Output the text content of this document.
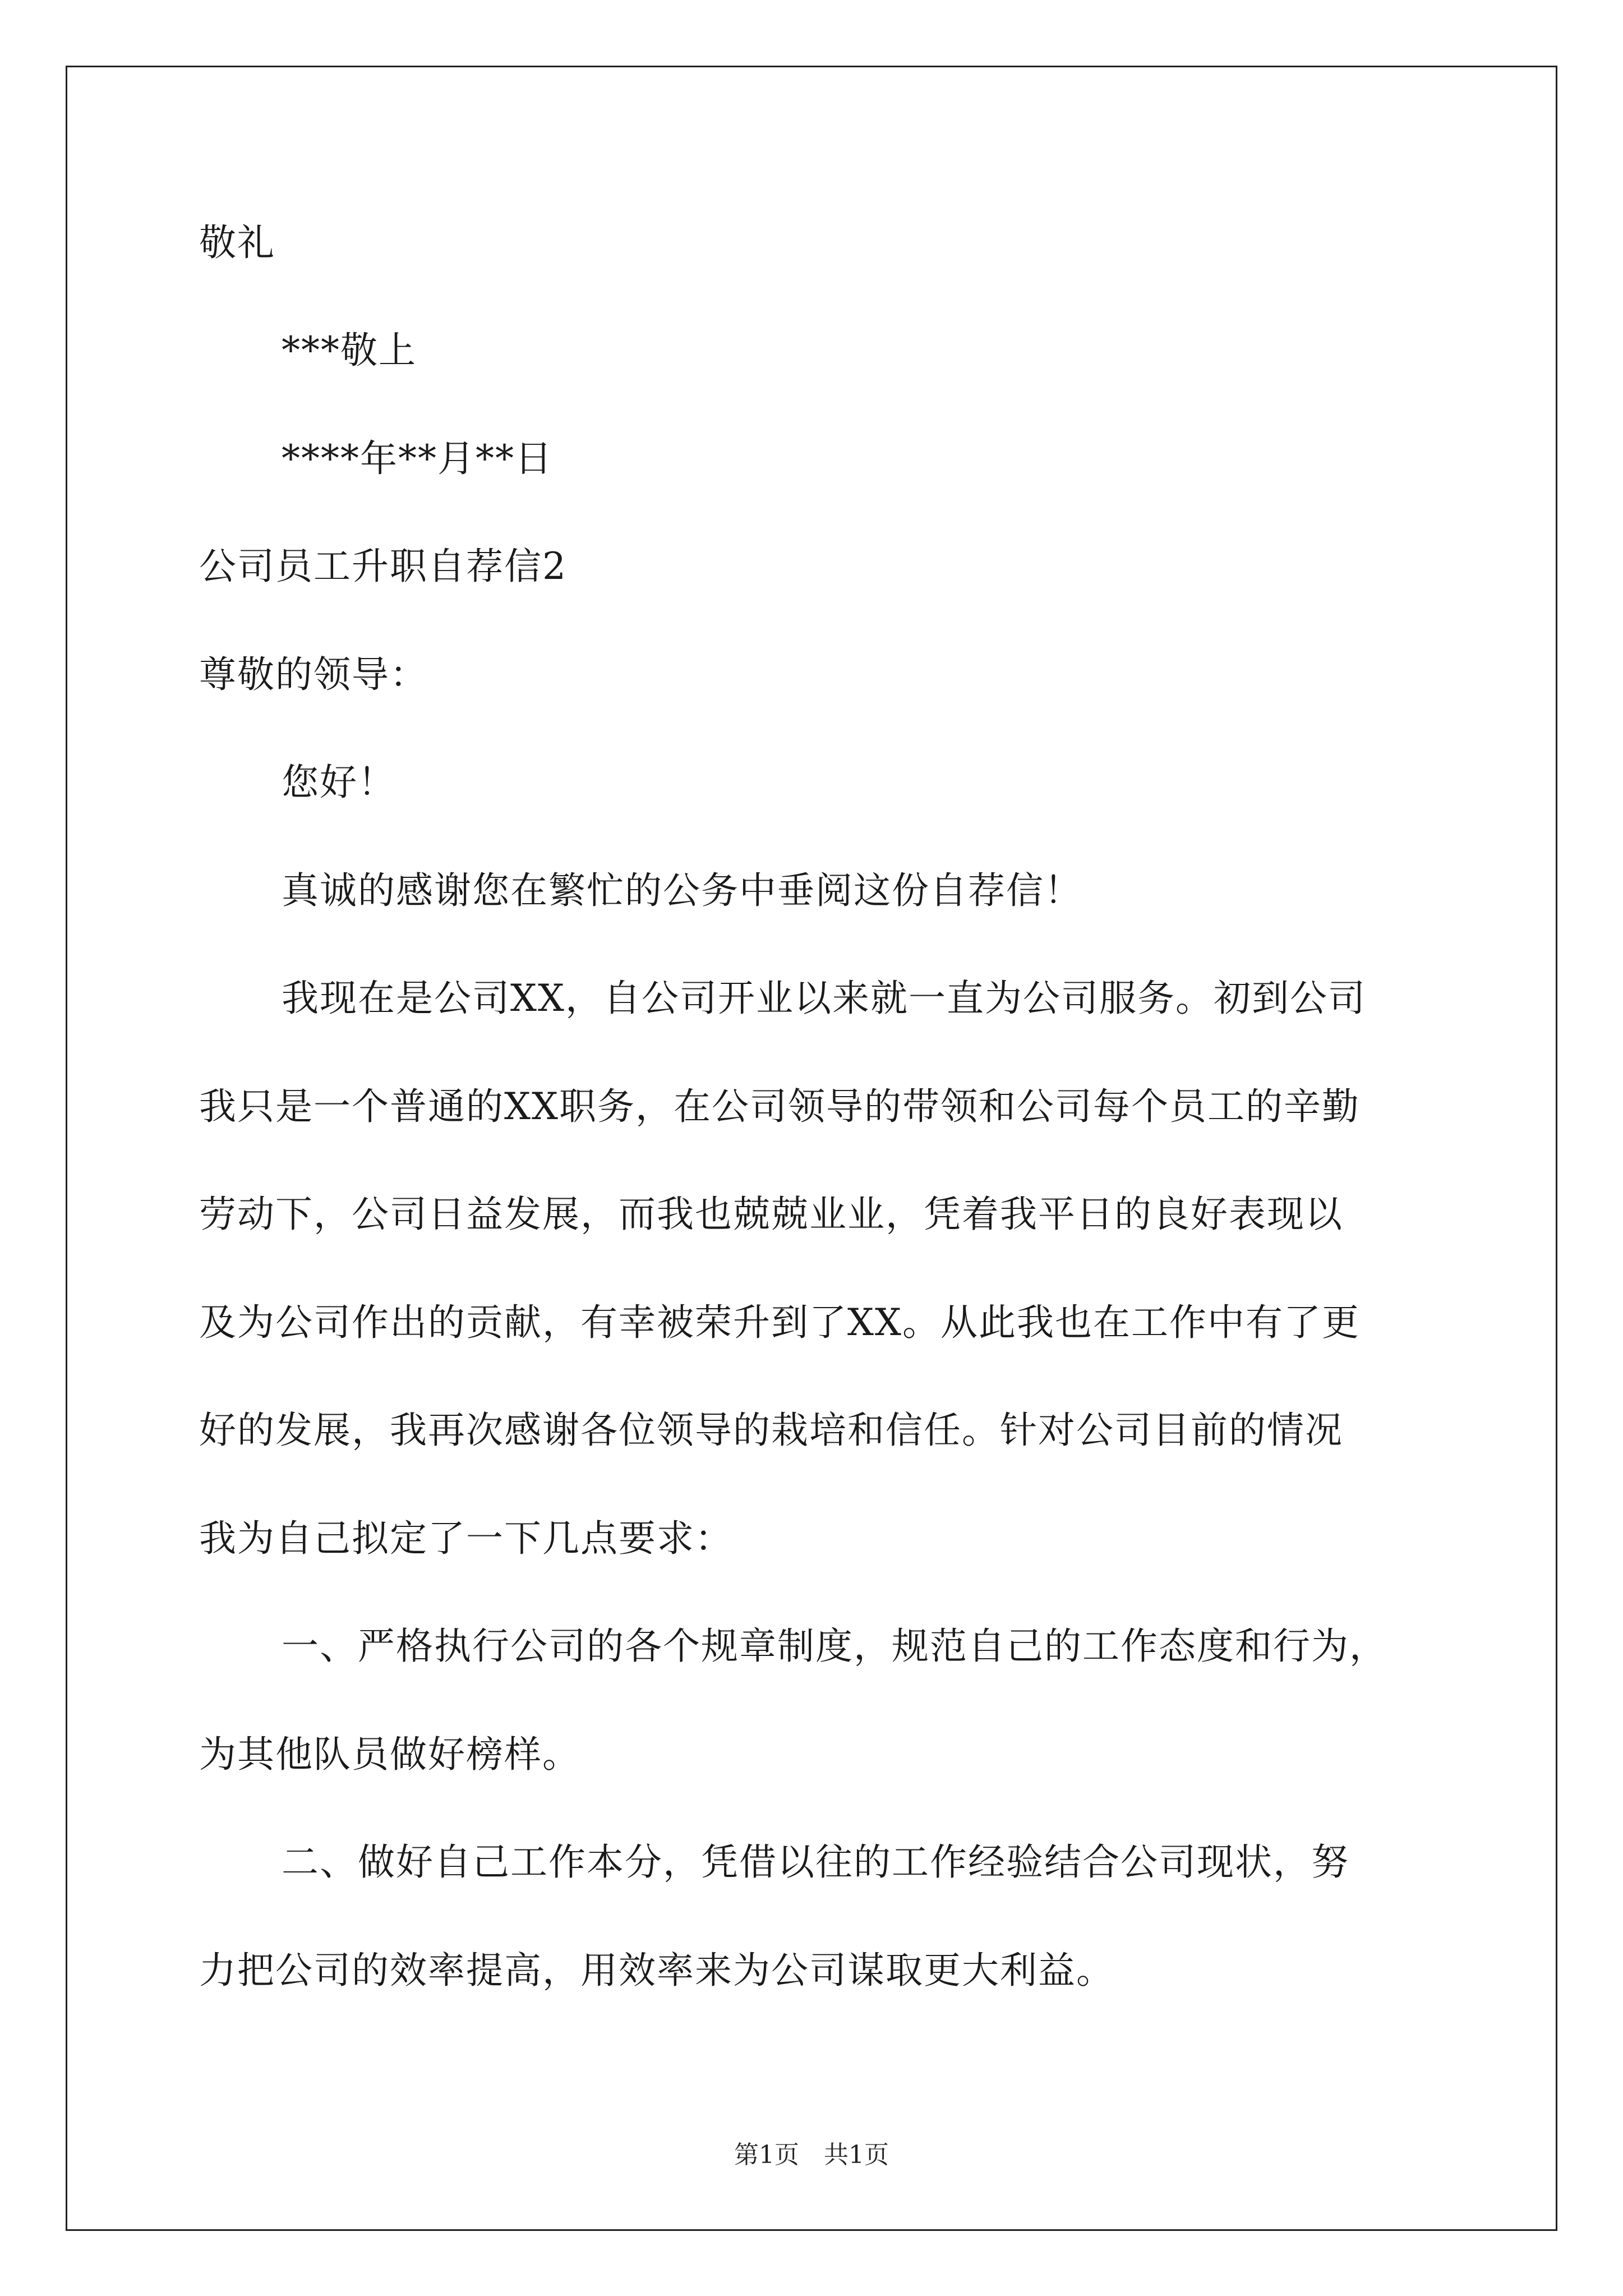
敬礼
***敬上
****年**月**日
公司员工升职自荐信2
尊敬的领导：
您好！
真诚的感谢您在繁忙的公务中垂阅这份自荐信！
我现在是公司XX，自公司开业以来就一直为公司服务。初到公司
我只是一个普通的XX职务，在公司领导的带领和公司每个员工的辛勤
劳动下，公司日益发展，而我也兢兢业业，凭着我平日的良好表现以
及为公司作出的贡献，有幸被荣升到了XX。从此我也在工作中有了更
好的发展，我再次感谢各位领导的栽培和信任。针对公司目前的情况
我为自己拟定了一下几点要求：
一、严格执行公司的各个规章制度，规范自己的工作态度和行为，
为其他队员做好榜样。
二、做好自己工作本分，凭借以往的工作经验结合公司现状，努
力把公司的效率提高，用效率来为公司谋取更大利益。
第1页　共1页
